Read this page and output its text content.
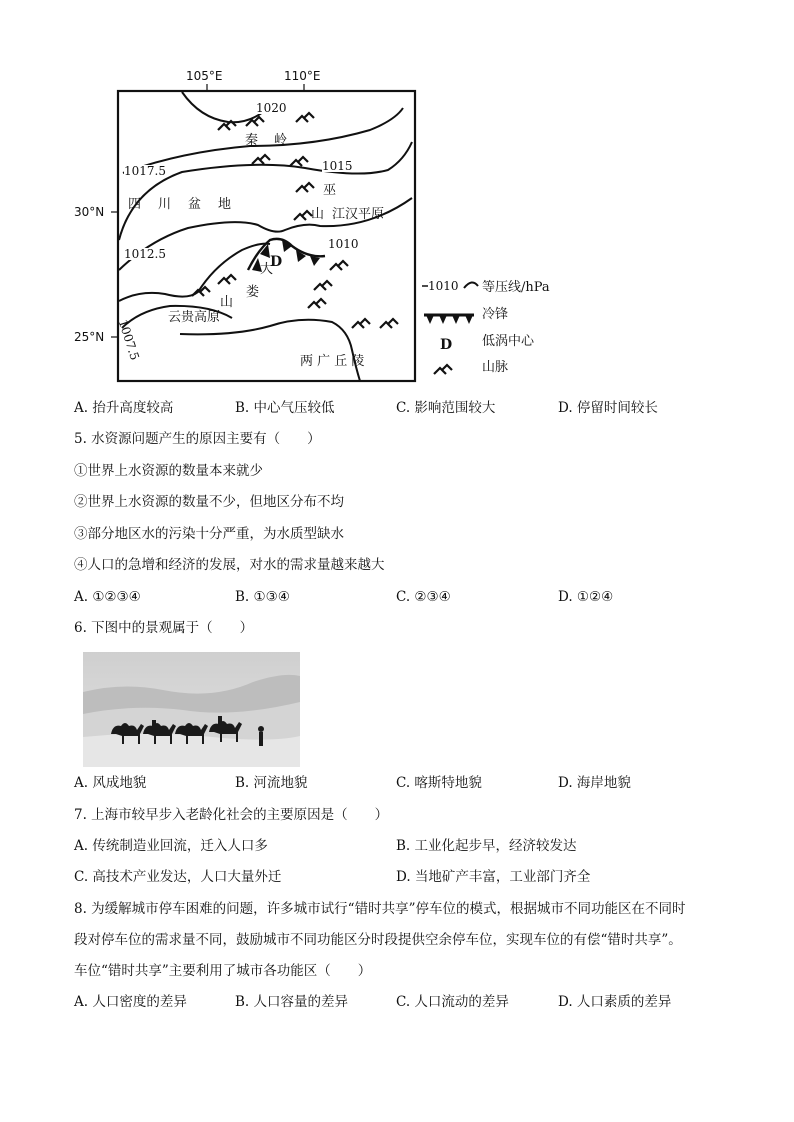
D
D
105°E	110°E
30°N
25°N
1020
1017.5	1015
1012.5
1010
1007.5
秦 岭
四 川 盆 地
巫
山 江汉平原
大
娄
山
云贵高原
两 广 丘 陵
1010 等压线/hPa
冷锋
低涡中心
山脉
A. 抬升高度较高	B. 中心气压较低	C. 影响范围较大	D. 停留时间较长
5. 水资源问题产生的原因主要有（　　）
①世界上水资源的数量本来就少
②世界上水资源的数量不少，但地区分布不均
③部分地区水的污染十分严重，为水质型缺水
④人口的急增和经济的发展，对水的需求量越来越大
A. ①②③④	B. ①③④	C. ②③④	D. ①②④
6. 下图中的景观属于（　　）
A. 风成地貌	B. 河流地貌	C. 喀斯特地貌	D. 海岸地貌
7. 上海市较早步入老龄化社会的主要原因是（　　）
A. 传统制造业回流，迁入人口多	B. 工业化起步早，经济较发达
C. 高技术产业发达，人口大量外迁	D. 当地矿产丰富，工业部门齐全
8. 为缓解城市停车困难的问题，许多城市试行“错时共享”停车位的模式，根据城市不同功能区在不同时
段对停车位的需求量不同，鼓励城市不同功能区分时段提供空余停车位，实现车位的有偿“错时共享”。
车位“错时共享”主要利用了城市各功能区（　　）
A. 人口密度的差异	B. 人口容量的差异	C. 人口流动的差异	D. 人口素质的差异
